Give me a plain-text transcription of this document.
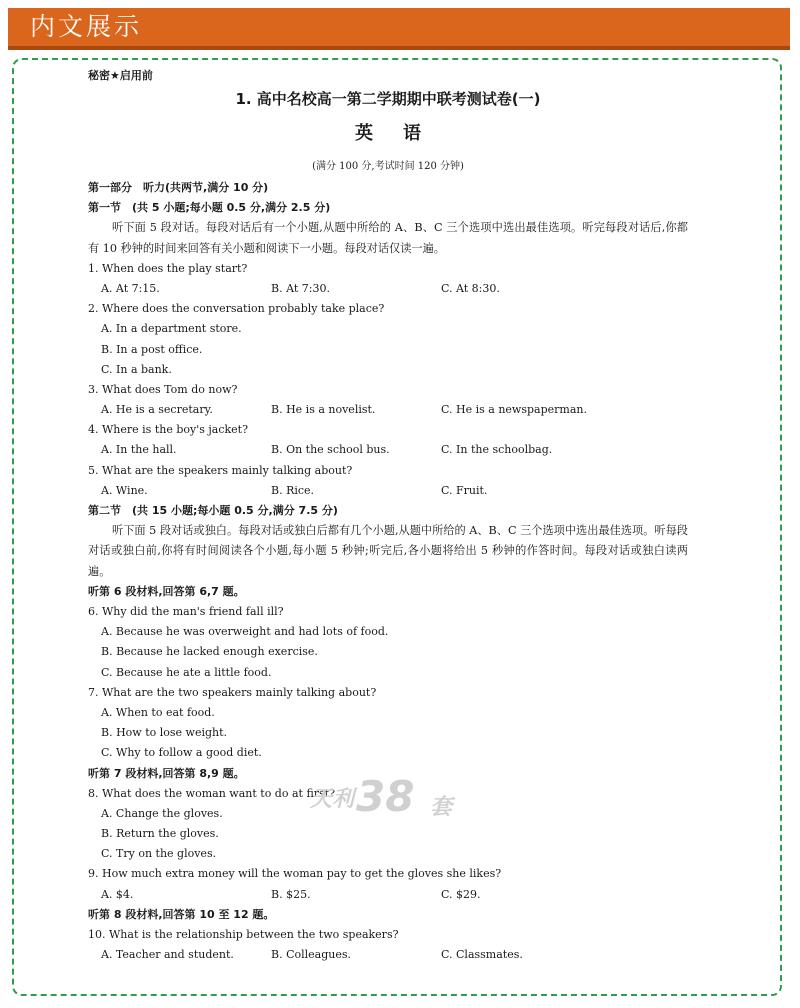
内文展示
秘密★启用前
1. 高中名校高一第二学期期中联考测试卷(一)
英语
(满分 100 分,考试时间 120 分钟)
第一部分　听力(共两节,满分 10 分)
第一节　(共 5 小题;每小题 0.5 分,满分 2.5 分)
听下面 5 段对话。每段对话后有一个小题,从题中所给的 A、B、C 三个选项中选出最佳选项。听完每段对话后,你都有 10 秒钟的时间来回答有关小题和阅读下一小题。每段对话仅读一遍。
1. When does the play start?
A. At 7:15.	B. At 7:30.	C. At 8:30.
2. Where does the conversation probably take place?
A. In a department store.
B. In a post office.
C. In a bank.
3. What does Tom do now?
A. He is a secretary.	B. He is a novelist.	C. He is a newspaperman.
4. Where is the boy's jacket?
A. In the hall.	B. On the school bus.	C. In the schoolbag.
5. What are the speakers mainly talking about?
A. Wine.	B. Rice.	C. Fruit.
第二节　(共 15 小题;每小题 0.5 分,满分 7.5 分)
听下面 5 段对话或独白。每段对话或独白后都有几个小题,从题中所给的 A、B、C 三个选项中选出最佳选项。听每段对话或独白前,你将有时间阅读各个小题,每小题 5 秒钟;听完后,各小题将给出 5 秒钟的作答时间。每段对话或独白读两遍。
听第 6 段材料,回答第 6,7 题。
6. Why did the man's friend fall ill?
A. Because he was overweight and had lots of food.
B. Because he lacked enough exercise.
C. Because he ate a little food.
7. What are the two speakers mainly talking about?
A. When to eat food.
B. How to lose weight.
C. Why to follow a good diet.
听第 7 段材料,回答第 8,9 题。
8. What does the woman want to do at first?
A. Change the gloves.
B. Return the gloves.
C. Try on the gloves.
9. How much extra money will the woman pay to get the gloves she likes?
A. $4.	B. $25.	C. $29.
听第 8 段材料,回答第 10 至 12 题。
10. What is the relationship between the two speakers?
A. Teacher and student.	B. Colleagues.	C. Classmates.
天利 38 套
